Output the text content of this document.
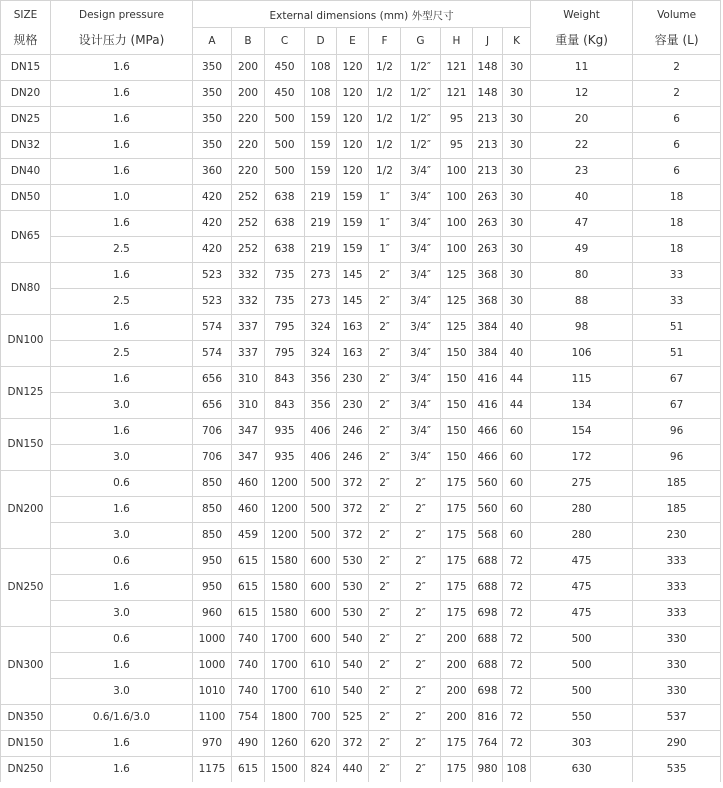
SIZE	Design pressure	External dimensions (mm) 外型尺寸										Weight	Volume
规格	设计压力 (MPa)	A	B	C	D	E	F	G	H	J	K	重量 (Kg)	容量 (L)
DN15	1.6	350	200	450	108	120	1/2	1/2″	121	148	30	11	2
DN20	1.6	350	200	450	108	120	1/2	1/2″	121	148	30	12	2
DN25	1.6	350	220	500	159	120	1/2	1/2″	95	213	30	20	6
DN32	1.6	350	220	500	159	120	1/2	1/2″	95	213	30	22	6
DN40	1.6	360	220	500	159	120	1/2	3/4″	100	213	30	23	6
DN50	1.0	420	252	638	219	159	1″	3/4″	100	263	30	40	18
DN65	1.6	420	252	638	219	159	1″	3/4″	100	263	30	47	18
	2.5	420	252	638	219	159	1″	3/4″	100	263	30	49	18
DN80	1.6	523	332	735	273	145	2″	3/4″	125	368	30	80	33
	2.5	523	332	735	273	145	2″	3/4″	125	368	30	88	33
DN100	1.6	574	337	795	324	163	2″	3/4″	125	384	40	98	51
	2.5	574	337	795	324	163	2″	3/4″	150	384	40	106	51
DN125	1.6	656	310	843	356	230	2″	3/4″	150	416	44	115	67
	3.0	656	310	843	356	230	2″	3/4″	150	416	44	134	67
DN150	1.6	706	347	935	406	246	2″	3/4″	150	466	60	154	96
	3.0	706	347	935	406	246	2″	3/4″	150	466	60	172	96
DN200	0.6	850	460	1200	500	372	2″	2″	175	560	60	275	185
	1.6	850	460	1200	500	372	2″	2″	175	560	60	280	185
	3.0	850	459	1200	500	372	2″	2″	175	568	60	280	230
DN250	0.6	950	615	1580	600	530	2″	2″	175	688	72	475	333
	1.6	950	615	1580	600	530	2″	2″	175	688	72	475	333
	3.0	960	615	1580	600	530	2″	2″	175	698	72	475	333
DN300	0.6	1000	740	1700	600	540	2″	2″	200	688	72	500	330
	1.6	1000	740	1700	610	540	2″	2″	200	688	72	500	330
	3.0	1010	740	1700	610	540	2″	2″	200	698	72	500	330
DN350	0.6/1.6/3.0	1100	754	1800	700	525	2″	2″	200	816	72	550	537
DN150	1.6	970	490	1260	620	372	2″	2″	175	764	72	303	290
DN250	1.6	1175	615	1500	824	440	2″	2″	175	980	108	630	535
